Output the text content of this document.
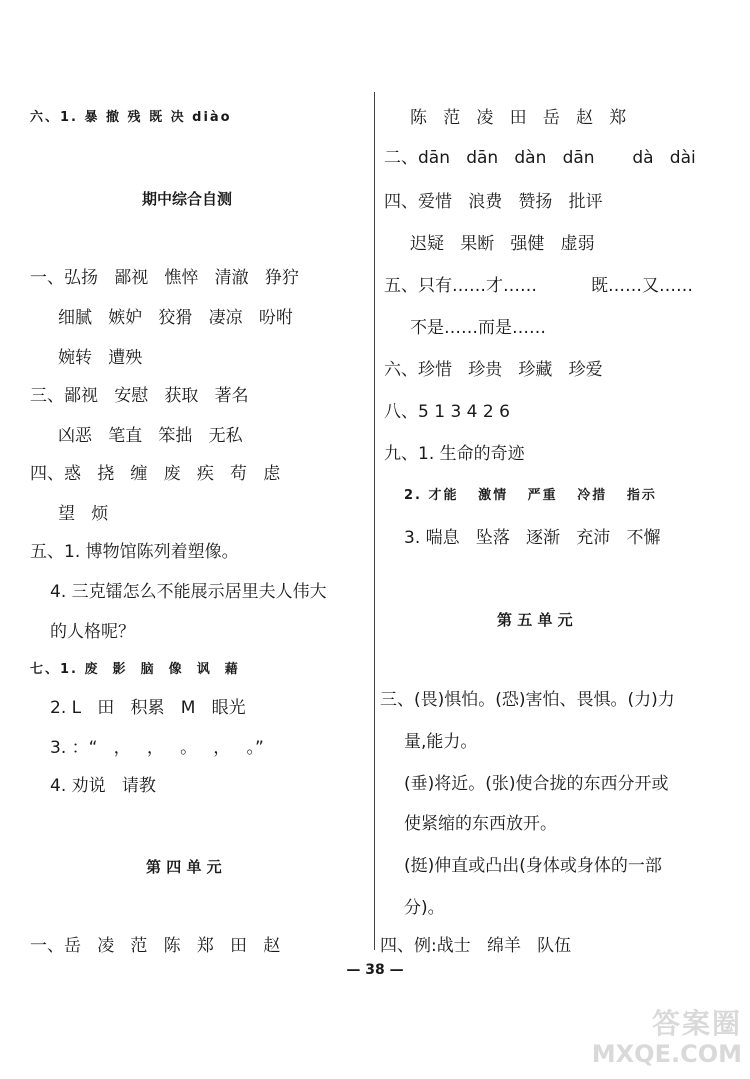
六、1. 暴 撤 残 既 决 diào
期中综合自测
一、弘扬   鄙视   憔悴   清澈   狰狞
细腻   嫉妒   狡猾   凄凉   吩咐
婉转   遭殃
三、鄙视   安慰   获取   著名
凶恶   笔直   笨拙   无私
四、惑   挠   缠   废   疾   苟   虑
望   烦
五、1. 博物馆陈列着塑像。
4. 三克镭怎么不能展示居里夫人伟大
的人格呢？
七、1. 废  影  脑  像  讽  藉
2. L   田   积累   M   眼光
3. ：“   ，   ，   。   ，   。”
4. 劝说   请教
第 四 单 元
一、岳   凌   范   陈   郑   田   赵
陈   范   凌   田   岳   赵   郑
二、dān   dān   dàn   dān       dà   dài
四、爱惜   浪费   赞扬   批评
迟疑   果断   强健   虚弱
五、只有……才……          既……又……
不是……而是……
六、珍惜   珍贵   珍藏   珍爱
八、5 1 3 4 2 6
九、1. 生命的奇迹
2. 才能   激情   严重   冷措   指示
3. 喘息   坠落   逐渐   充沛   不懈
第 五 单 元
三、(畏)惧怕。(恐)害怕、畏惧。(力)力
量,能力。
(垂)将近。(张)使合拢的东西分开或
使紧缩的东西放开。
(挺)伸直或凸出(身体或身体的一部
分)。
四、例:战士   绵羊   队伍
— 38 —
答案圈
MXQE.COM
